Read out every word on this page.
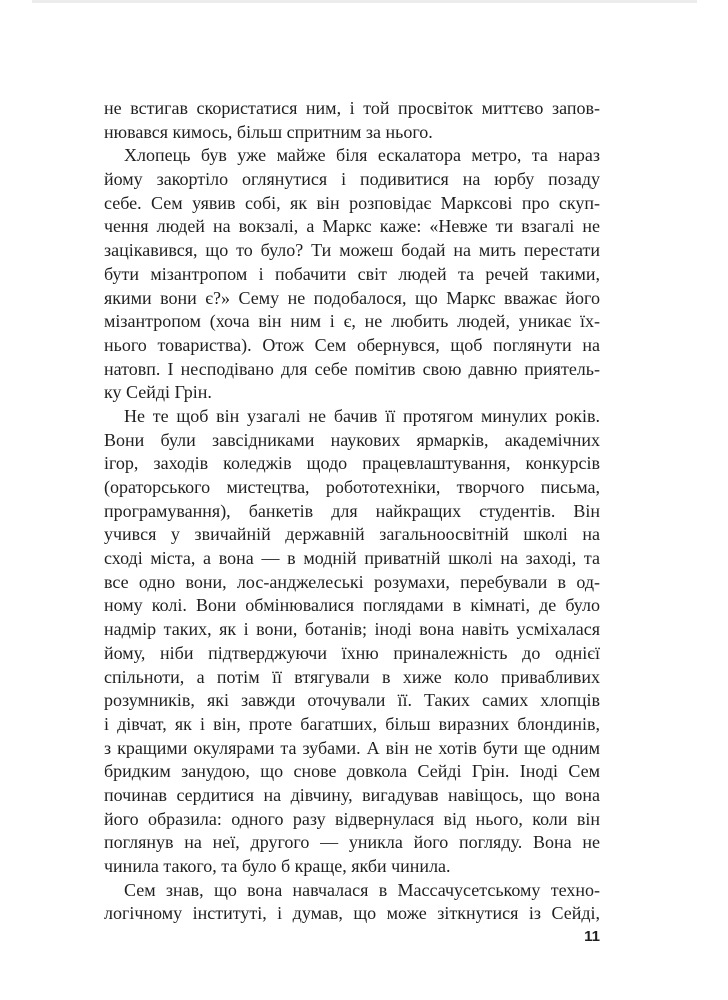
не встигав скористатися ним, і той просвіток миттєво запов-
нювався кимось, більш спритним за нього.
Хлопець був уже майже біля ескалатора метро, та нараз
йому закортіло оглянутися і подивитися на юрбу позаду
себе. Сем уявив собі, як він розповідає Марксові про скуп-
чення людей на вокзалі, а Маркс каже: «Невже ти взагалі не
зацікавився, що то було? Ти можеш бодай на мить перестати
бути мізантропом і побачити світ людей та речей такими,
якими вони є?» Сему не подобалося, що Маркс вважає його
мізантропом (хоча він ним і є, не любить людей, уникає їх-
нього товариства). Отож Сем обернувся, щоб поглянути на
натовп. І несподівано для себе помітив свою давню приятель-
ку Сейді Грін.
Не те щоб він узагалі не бачив її протягом минулих років.
Вони були завсідниками наукових ярмарків, академічних
ігор, заходів коледжів щодо працевлаштування, конкурсів
(ораторського мистецтва, робототехніки, творчого письма,
програмування), банкетів для найкращих студентів. Він
учився у звичайній державній загальноосвітній школі на
сході міста, а вона — в модній приватній школі на заході, та
все одно вони, лос-анджелеські розумахи, перебували в од-
ному колі. Вони обмінювалися поглядами в кімнаті, де було
надмір таких, як і вони, ботанів; іноді вона навіть усміхалася
йому, ніби підтверджуючи їхню приналежність до однієї
спільноти, а потім її втягували в хиже коло привабливих
розумників, які завжди оточували її. Таких самих хлопців
і дівчат, як і він, проте багатших, більш виразних блондинів,
з кращими окулярами та зубами. А він не хотів бути ще одним
бридким занудою, що снове довкола Сейді Грін. Іноді Сем
починав сердитися на дівчину, вигадував навіщось, що вона
його образила: одного разу відвернулася від нього, коли він
поглянув на неї, другого — уникла його погляду. Вона не
чинила такого, та було б краще, якби чинила.
Сем знав, що вона навчалася в Массачусетському техно-
логічному інституті, і думав, що може зіткнутися із Сейді,
11
